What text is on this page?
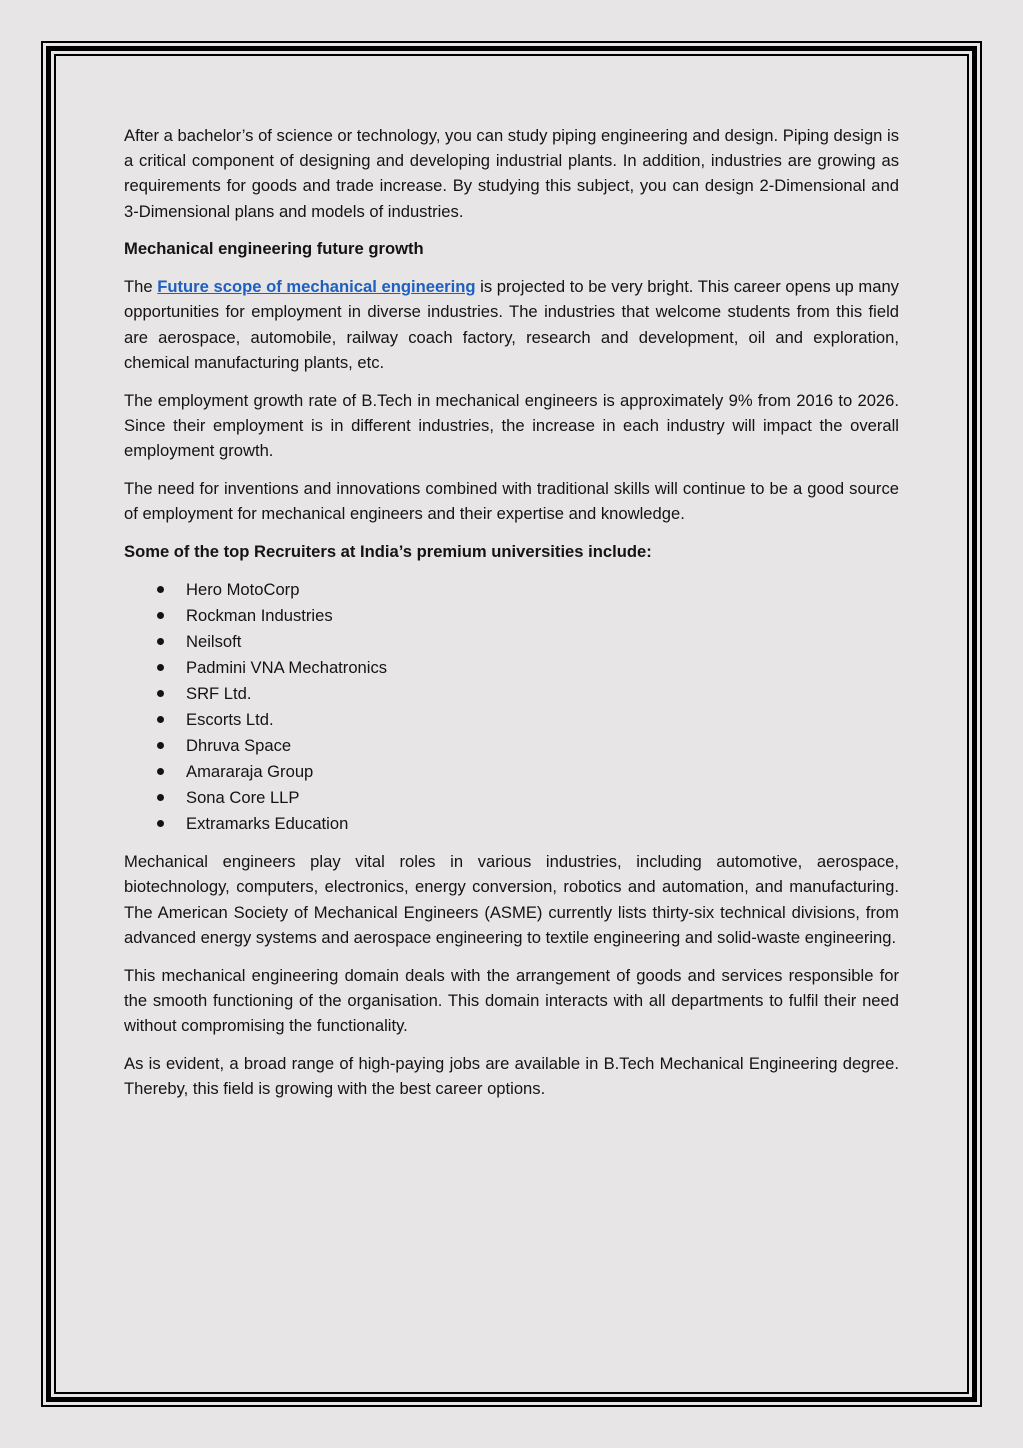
After a bachelor’s of science or technology, you can study piping engineering and design. Piping design is a critical component of designing and developing industrial plants. In addition, industries are growing as requirements for goods and trade increase. By studying this subject, you can design 2-Dimensional and 3-Dimensional plans and models of industries.

Mechanical engineering future growth

The Future scope of mechanical engineering is projected to be very bright. This career opens up many opportunities for employment in diverse industries. The industries that welcome students from this field are aerospace, automobile, railway coach factory, research and development, oil and exploration, chemical manufacturing plants, etc.

The employment growth rate of B.Tech in mechanical engineers is approximately 9% from 2016 to 2026. Since their employment is in different industries, the increase in each industry will impact the overall employment growth.

The need for inventions and innovations combined with traditional skills will continue to be a good source of employment for mechanical engineers and their expertise and knowledge.

Some of the top Recruiters at India’s premium universities include:

Hero MotoCorp
Rockman Industries
Neilsoft
Padmini VNA Mechatronics
SRF Ltd.
Escorts Ltd.
Dhruva Space
Amararaja Group
Sona Core LLP
Extramarks Education

Mechanical engineers play vital roles in various industries, including automotive, aerospace, biotechnology, computers, electronics, energy conversion, robotics and automation, and manufacturing. The American Society of Mechanical Engineers (ASME) currently lists thirty-six technical divisions, from advanced energy systems and aerospace engineering to textile engineering and solid-waste engineering.

This mechanical engineering domain deals with the arrangement of goods and services responsible for the smooth functioning of the organisation. This domain interacts with all departments to fulfil their need without compromising the functionality.

As is evident, a broad range of high-paying jobs are available in B.Tech Mechanical Engineering degree. Thereby, this field is growing with the best career options.
